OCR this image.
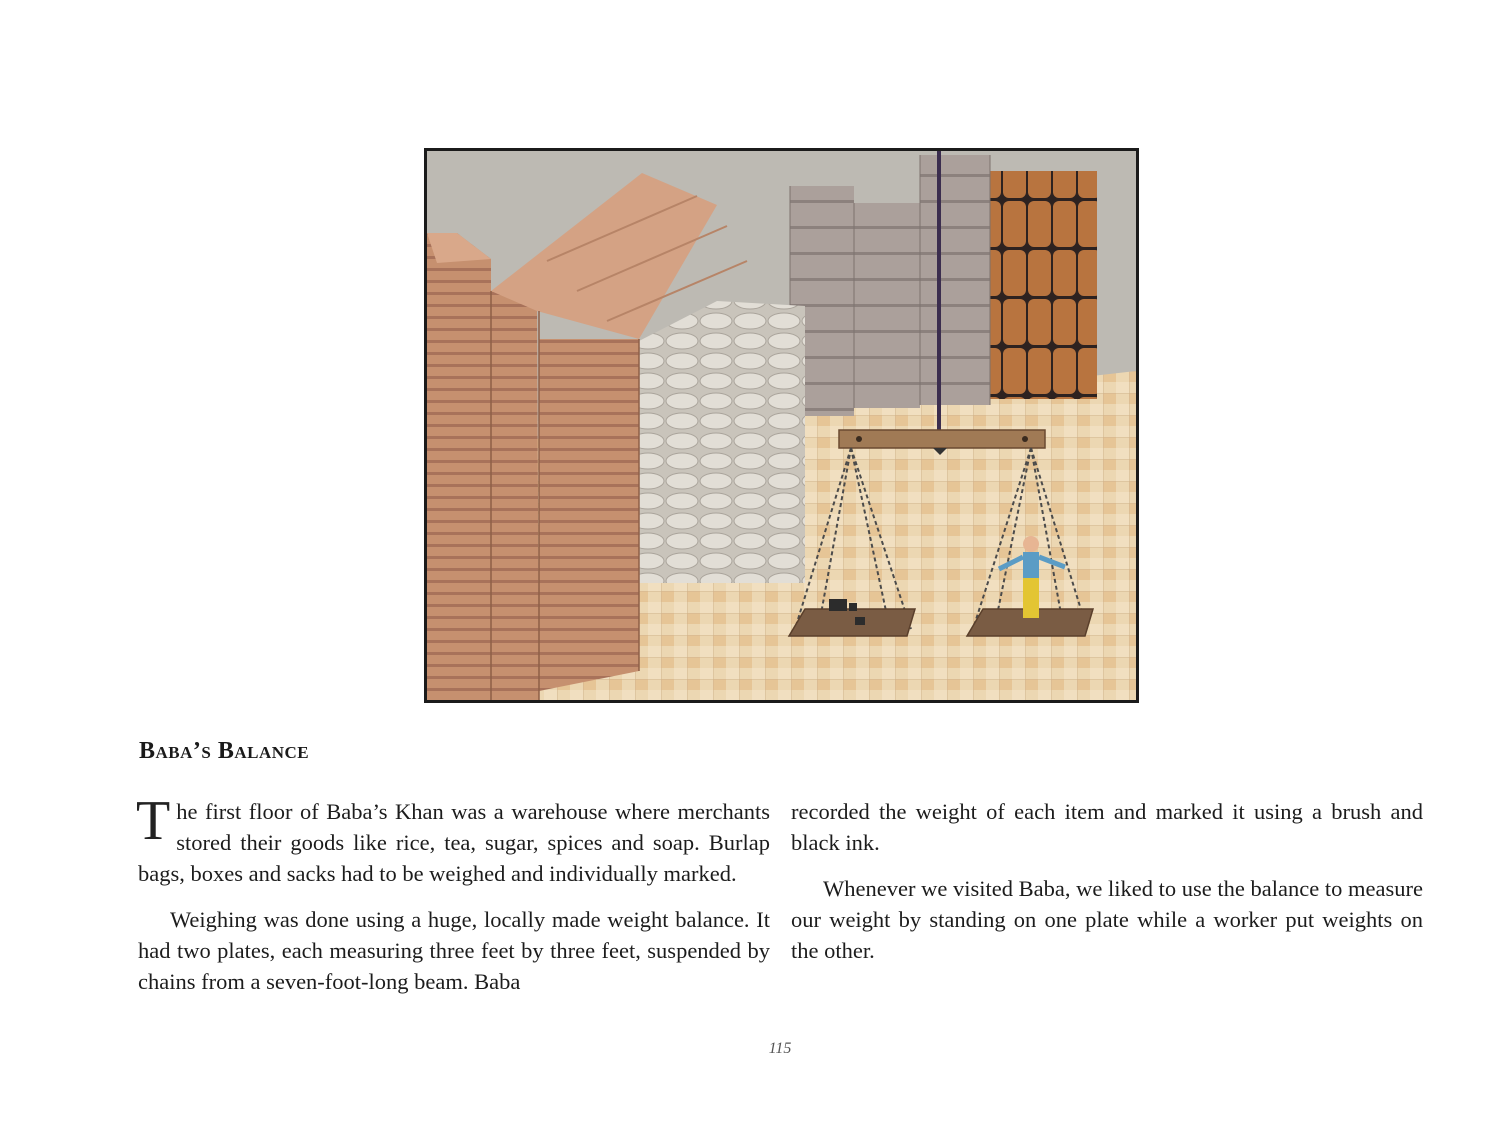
Baba’s Balance

The first floor of Baba’s Khan was a warehouse where merchants stored their goods like rice, tea, sugar, spices and soap. Burlap bags, boxes and sacks had to be weighed and individually marked.

Weighing was done using a huge, locally made weight balance. It had two plates, each measuring three feet by three feet, suspended by chains from a seven-foot-long beam. Baba

recorded the weight of each item and marked it using a brush and black ink.

Whenever we visited Baba, we liked to use the balance to measure our weight by standing on one plate while a worker put weights on the other.

115
